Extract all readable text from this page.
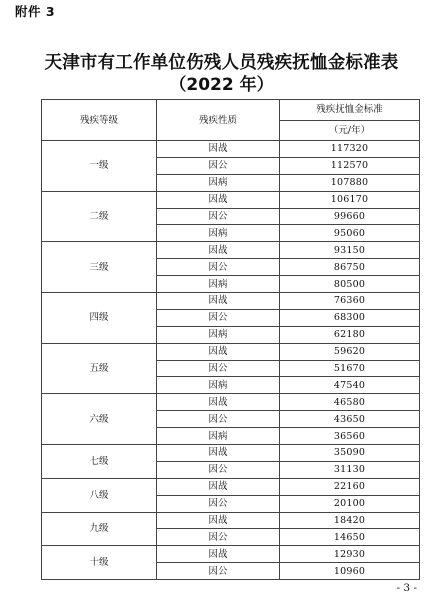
附件 3
天津市有工作单位伤残人员残疾抚恤金标准表
（2022 年）
残疾等级	残疾性质	残疾抚恤金标准
（元/年）

一级	因战	117320
	因公	112570
	因病	107880
二级	因战	106170
	因公	99660
	因病	95060
三级	因战	93150
	因公	86750
	因病	80500
四级	因战	76360
	因公	68300
	因病	62180
五级	因战	59620
	因公	51670
	因病	47540
六级	因战	46580
	因公	43650
	因病	36560
七级	因战	35090
	因公	31130
八级	因战	22160
	因公	20100
九级	因战	18420
	因公	14650
十级	因战	12930
	因公	10960
- 3 -
